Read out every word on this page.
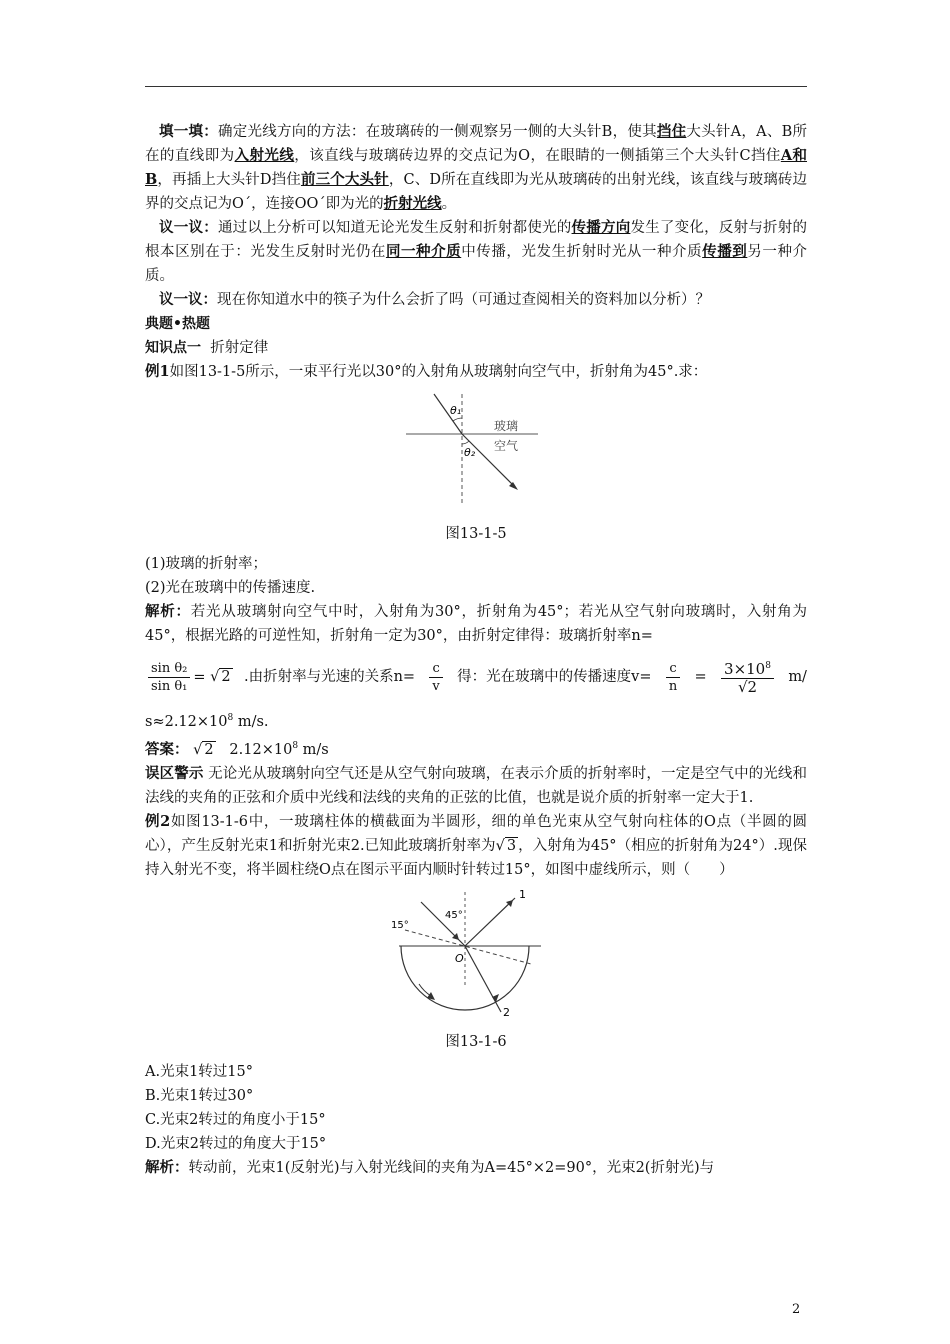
填一填：确定光线方向的方法：在玻璃砖的一侧观察另一侧的大头针B，使其挡住大头针A，A、B所在的直线即为入射光线，该直线与玻璃砖边界的交点记为O，在眼睛的一侧插第三个大头针C挡住A和B，再插上大头针D挡住前三个大头针，C、D所在直线即为光从玻璃砖的出射光线，该直线与玻璃砖边界的交点记为O´，连接OO´即为光的折射光线。

议一议：通过以上分析可以知道无论光发生反射和折射都使光的传播方向发生了变化，反射与折射的根本区别在于：光发生反射时光仍在同一种介质中传播，光发生折射时光从一种介质传播到另一种介质。

议一议：现在你知道水中的筷子为什么会折了吗（可通过查阅相关的资料加以分析）？

典题•热题

知识点一 折射定律

例1如图13-1-5所示，一束平行光以30°的入射角从玻璃射向空气中，折射角为45°.求：

θ₁
θ₂
玻璃
空气

图13-1-5

(1)玻璃的折射率；

(2)光在玻璃中的传播速度.

解析：若光从玻璃射向空气中时，入射角为30°，折射角为45°；若光从空气射向玻璃时，入射角为45°，根据光路的可逆性知，折射角一定为30°，由折射定律得：玻璃折射率n=

$\frac{\text{sin θ₂}}{\text{sin θ₁}}$ = √ 2 .由折射率与光速的关系$n= \frac{c}{v}$ 得：光在玻璃中的传播速度$v= \frac{c}{n} = \frac{3\times 10^8}{√2} m/$

$s\approx 2.12\times 10^8$ m/s.

答案： √ 2 $2.12\times 10^8$ m/s

误区警示 无论光从玻璃射向空气还是从空气射向玻璃，在表示介质的折射率时，一定是空气中的光线和法线的夹角的正弦和介质中光线和法线的夹角的正弦的比值，也就是说介质的折射率一定大于1.

例2如图13-1-6中，一玻璃柱体的横截面为半圆形，细的单色光束从空气射向柱体的O点（半圆的圆心），产生反射光束1和折射光束2.已知此玻璃折射率为√ 3 ，入射角为45°（相应的折射角为24°）.现保持入射光不变，将半圆柱绕O点在图示平面内顺时针转过15°，如图中虚线所示，则（　　）

1
2
45°
15°
O

图13-1-6

A.光束1转过15°

B.光束1转过30°

C.光束2转过的角度小于15°

D.光束2转过的角度大于15°

解析：转动前，光束1(反射光)与入射光线间的夹角为A=45°×2=90°，光束2(折射光)与

2
